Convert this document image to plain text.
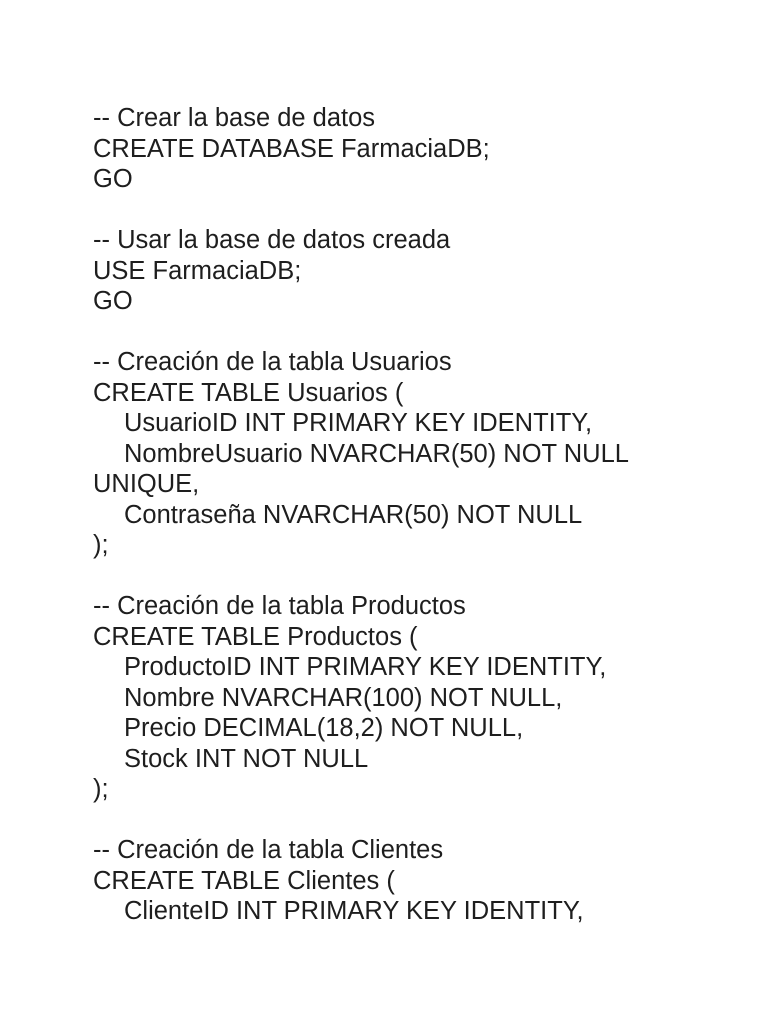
-- Crear la base de datos
CREATE DATABASE FarmaciaDB;
GO
-- Usar la base de datos creada
USE FarmaciaDB;
GO
-- Creación de la tabla Usuarios
CREATE TABLE Usuarios (
UsuarioID INT PRIMARY KEY IDENTITY,
NombreUsuario NVARCHAR(50) NOT NULL
UNIQUE,
Contraseña NVARCHAR(50) NOT NULL
);
-- Creación de la tabla Productos
CREATE TABLE Productos (
ProductoID INT PRIMARY KEY IDENTITY,
Nombre NVARCHAR(100) NOT NULL,
Precio DECIMAL(18,2) NOT NULL,
Stock INT NOT NULL
);
-- Creación de la tabla Clientes
CREATE TABLE Clientes (
ClienteID INT PRIMARY KEY IDENTITY,
